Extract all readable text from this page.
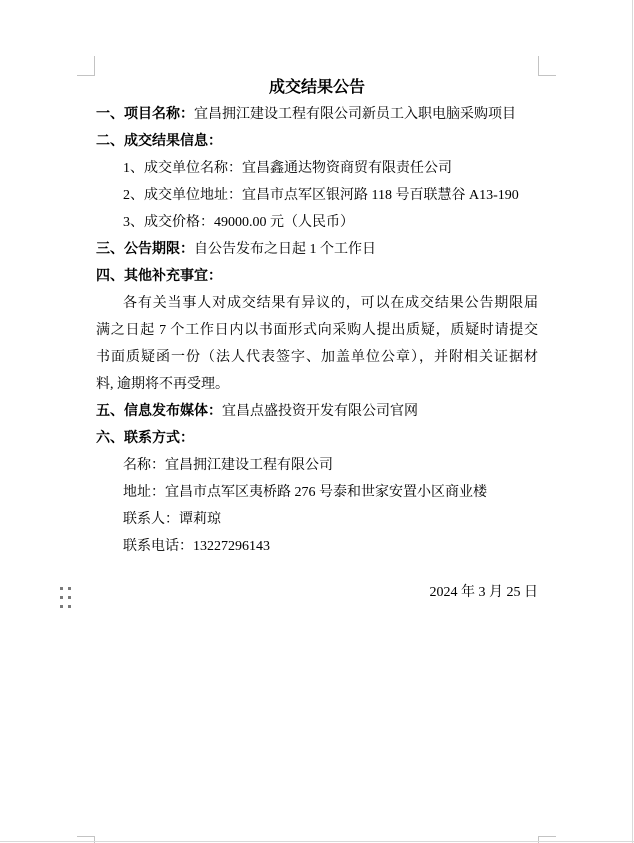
成交结果公告
一、项目名称：宜昌拥江建设工程有限公司新员工入职电脑采购项目
二、成交结果信息：
1、成交单位名称：宜昌鑫通达物资商贸有限责任公司
2、成交单位地址：宜昌市点军区银河路 118 号百联慧谷 A13-190
3、成交价格：49000.00 元（人民币）
三、公告期限：自公告发布之日起 1 个工作日
四、其他补充事宜：
各有关当事人对成交结果有异议的，可以在成交结果公告期限届
满之日起 7 个工作日内以书面形式向采购人提出质疑，质疑时请提交
书面质疑函一份（法人代表签字、加盖单位公章），并附相关证据材
料, 逾期将不再受理。
五、信息发布媒体：宜昌点盛投资开发有限公司官网
六、联系方式：
名称：宜昌拥江建设工程有限公司
地址：宜昌市点军区夷桥路 276 号泰和世家安置小区商业楼
联系人：谭莉琼
联系电话：13227296143
2024 年 3 月 25 日
